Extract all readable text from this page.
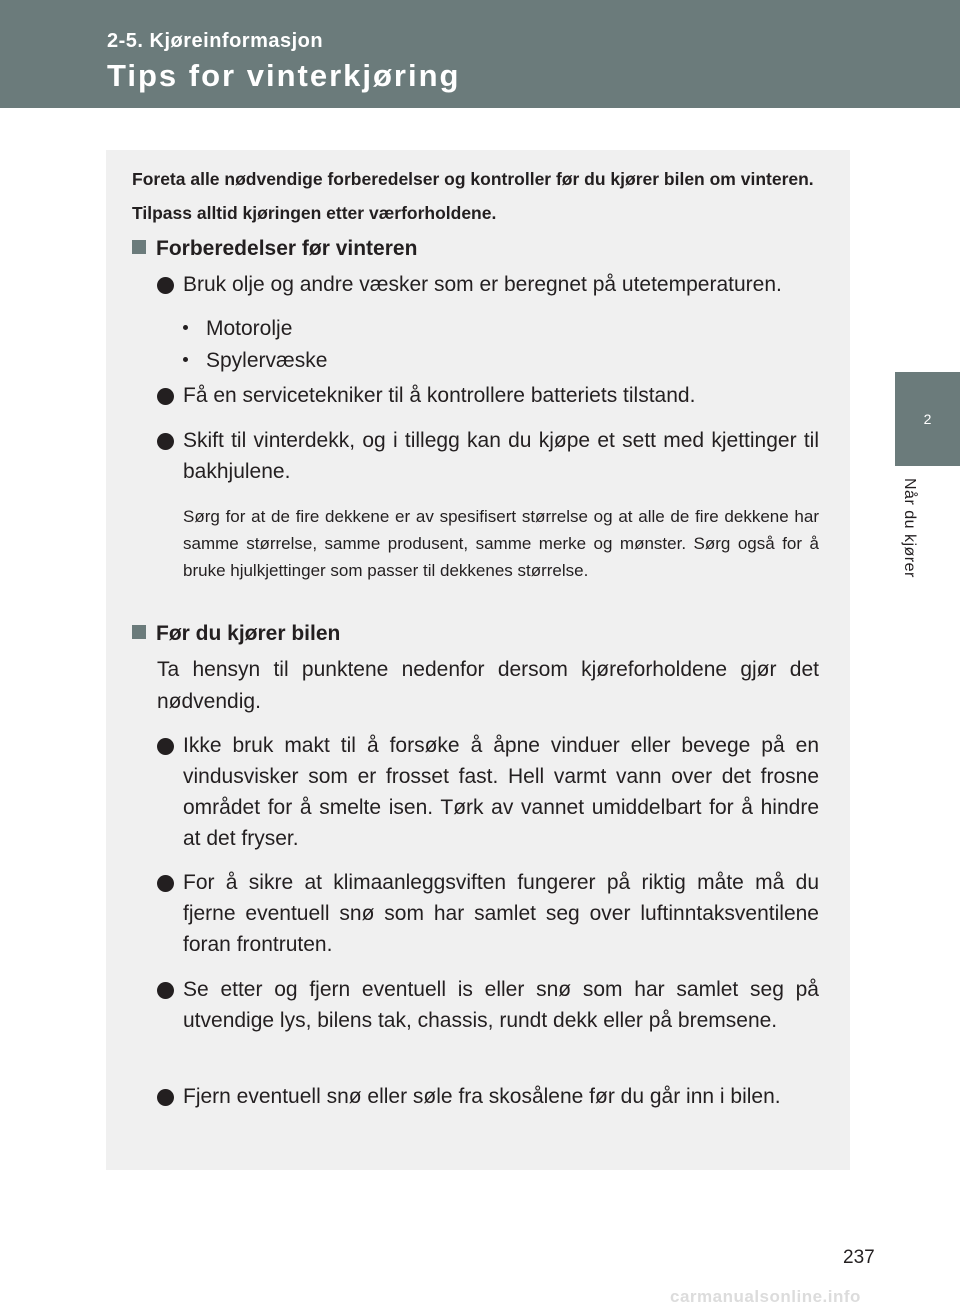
2-5. Kjøreinformasjon
Tips for vinterkjøring
2
Når du kjører

Foreta alle nødvendige forberedelser og kontroller før du kjører bilen om vinteren. Tilpass alltid kjøringen etter værforholdene.

Forberedelser før vinteren

Bruk olje og andre væsker som er beregnet på utetemperaturen.

Motorolje
Spylervæske

Få en servicetekniker til å kontrollere batteriets tilstand.

Skift til vinterdekk, og i tillegg kan du kjøpe et sett med kjettinger til bakhjulene.

Sørg for at de fire dekkene er av spesifisert størrelse og at alle de fire dekkene har samme størrelse, samme produsent, samme merke og mønster. Sørg også for å bruke hjulkjettinger som passer til dekkenes størrelse.

Før du kjører bilen

Ta hensyn til punktene nedenfor dersom kjøreforholdene gjør det nødvendig.

Ikke bruk makt til å forsøke å åpne vinduer eller bevege på en vindusvisker som er frosset fast. Hell varmt vann over det frosne området for å smelte isen. Tørk av vannet umiddelbart for å hindre at det fryser.

For å sikre at klimaanleggsviften fungerer på riktig måte må du fjerne eventuell snø som har samlet seg over luftinntaksventilene foran frontruten.

Se etter og fjern eventuell is eller snø som har samlet seg på utvendige lys, bilens tak, chassis, rundt dekk eller på bremsene.

Fjern eventuell snø eller søle fra skosålene før du går inn i bilen.

237
carmanualsonline.info
